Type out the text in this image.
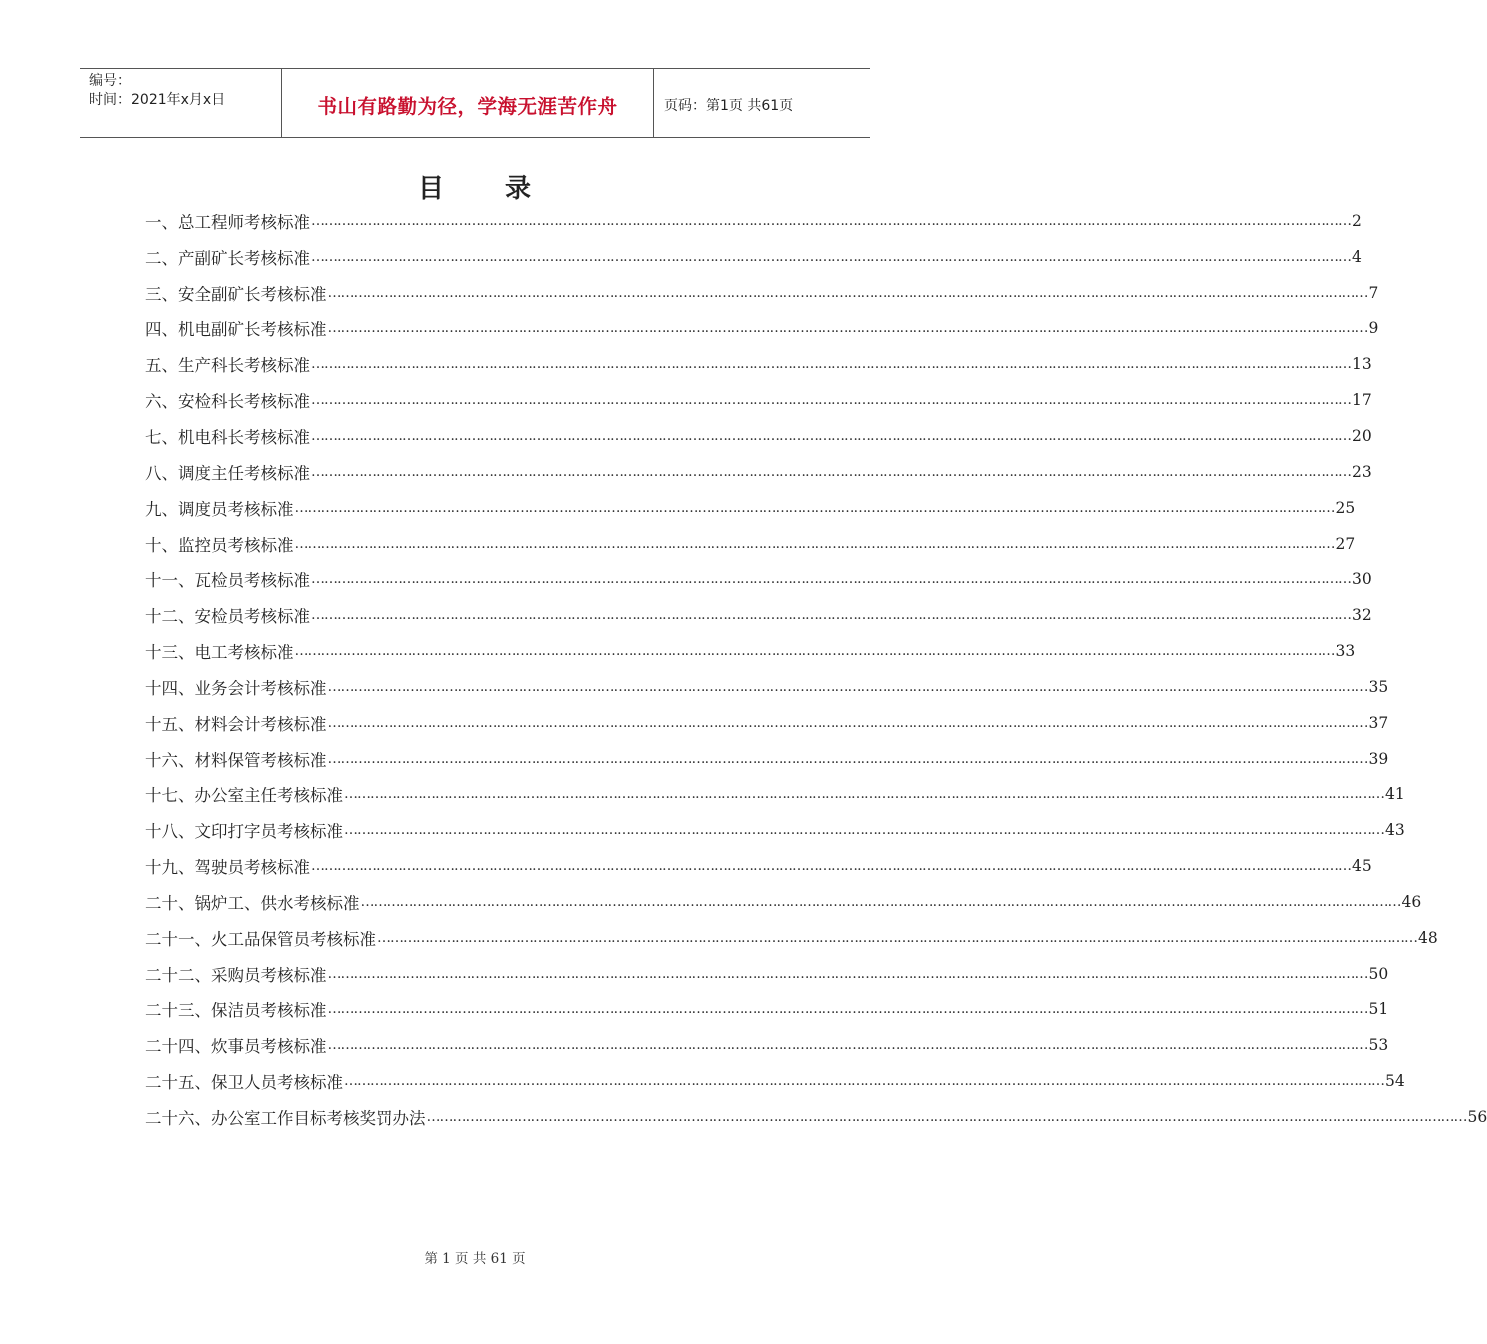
编号：
时间：2021年x月x日	书山有路勤为径，学海无涯苦作舟	页码：第1页 共61页
目 录
一、总工程师考核标准 …………………………………………………………………………………………………………………………………………………………………………………………………………………… 2
二、产副矿长考核标准 …………………………………………………………………………………………………………………………………………………………………………………………………………………… 4
三、安全副矿长考核标准 …………………………………………………………………………………………………………………………………………………………………………………………………………………… 7
四、机电副矿长考核标准 …………………………………………………………………………………………………………………………………………………………………………………………………………………… 9
五、生产科长考核标准 …………………………………………………………………………………………………………………………………………………………………………………………………………………… 13
六、安检科长考核标准 …………………………………………………………………………………………………………………………………………………………………………………………………………………… 17
七、机电科长考核标准 …………………………………………………………………………………………………………………………………………………………………………………………………………………… 20
八、调度主任考核标准 …………………………………………………………………………………………………………………………………………………………………………………………………………………… 23
九、调度员考核标准 …………………………………………………………………………………………………………………………………………………………………………………………………………………… 25
十、监控员考核标准 …………………………………………………………………………………………………………………………………………………………………………………………………………………… 27
十一、瓦检员考核标准 …………………………………………………………………………………………………………………………………………………………………………………………………………………… 30
十二、安检员考核标准 …………………………………………………………………………………………………………………………………………………………………………………………………………………… 32
十三、电工考核标准 …………………………………………………………………………………………………………………………………………………………………………………………………………………… 33
十四、业务会计考核标准 …………………………………………………………………………………………………………………………………………………………………………………………………………………… 35
十五、材料会计考核标准 …………………………………………………………………………………………………………………………………………………………………………………………………………………… 37
十六、材料保管考核标准 …………………………………………………………………………………………………………………………………………………………………………………………………………………… 39
十七、办公室主任考核标准 …………………………………………………………………………………………………………………………………………………………………………………………………………………… 41
十八、文印打字员考核标准 …………………………………………………………………………………………………………………………………………………………………………………………………………………… 43
十九、驾驶员考核标准 …………………………………………………………………………………………………………………………………………………………………………………………………………………… 45
二十、锅炉工、供水考核标准 …………………………………………………………………………………………………………………………………………………………………………………………………………………… 46
二十一、火工品保管员考核标准 …………………………………………………………………………………………………………………………………………………………………………………………………………………… 48
二十二、采购员考核标准 …………………………………………………………………………………………………………………………………………………………………………………………………………………… 50
二十三、保洁员考核标准 …………………………………………………………………………………………………………………………………………………………………………………………………………………… 51
二十四、炊事员考核标准 …………………………………………………………………………………………………………………………………………………………………………………………………………………… 53
二十五、保卫人员考核标准 …………………………………………………………………………………………………………………………………………………………………………………………………………………… 54
二十六、办公室工作目标考核奖罚办法 …………………………………………………………………………………………………………………………………………………………………………………………………………………… 56
第 1 页 共 61 页
